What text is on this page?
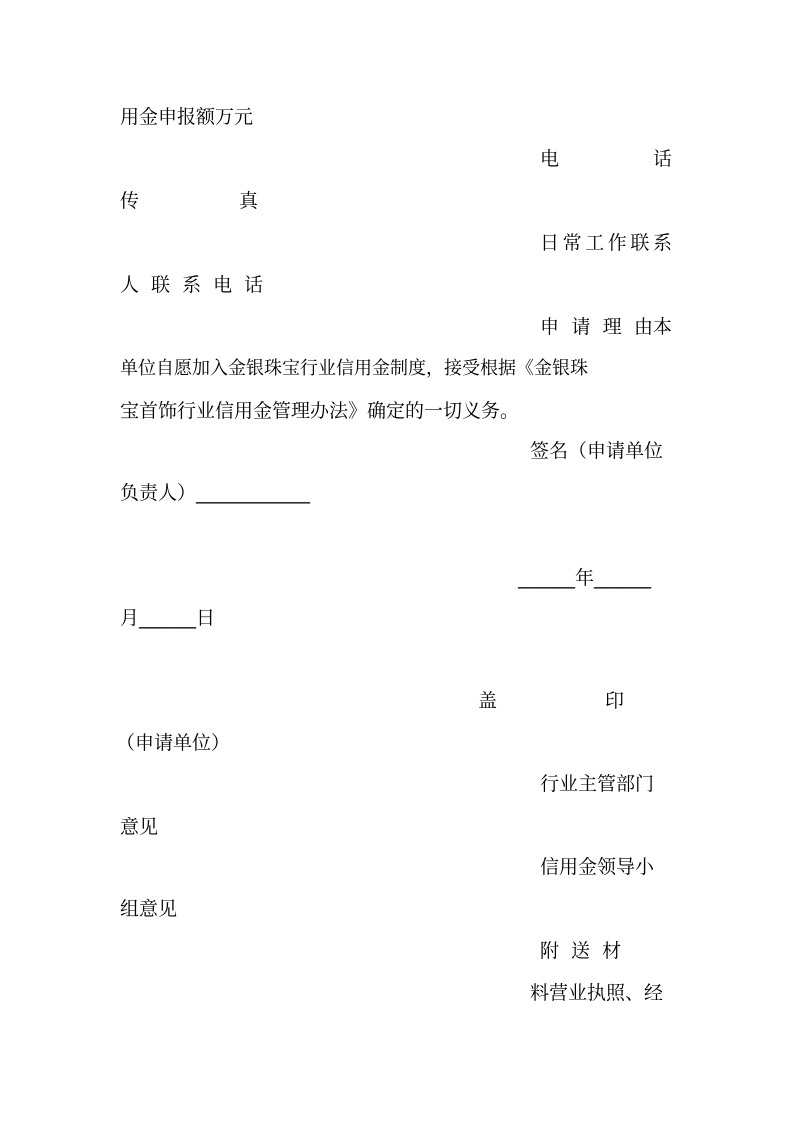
用金申报额万元
电	话
传	真
日 常 工 作 联 系
人 联 系 电 话
申 请 理 由本
单位自愿加入金银珠宝行业信用金制度，接受根据《金银珠
宝首饰行业信用金管理办法》确定的一切义务。
签名（申请单位
负责人）____________
______年______
月______日
盖	印
（申请单位）
行业主管部门
意见
信用金领导小
组意见
附 送 材
料营业执照、经
